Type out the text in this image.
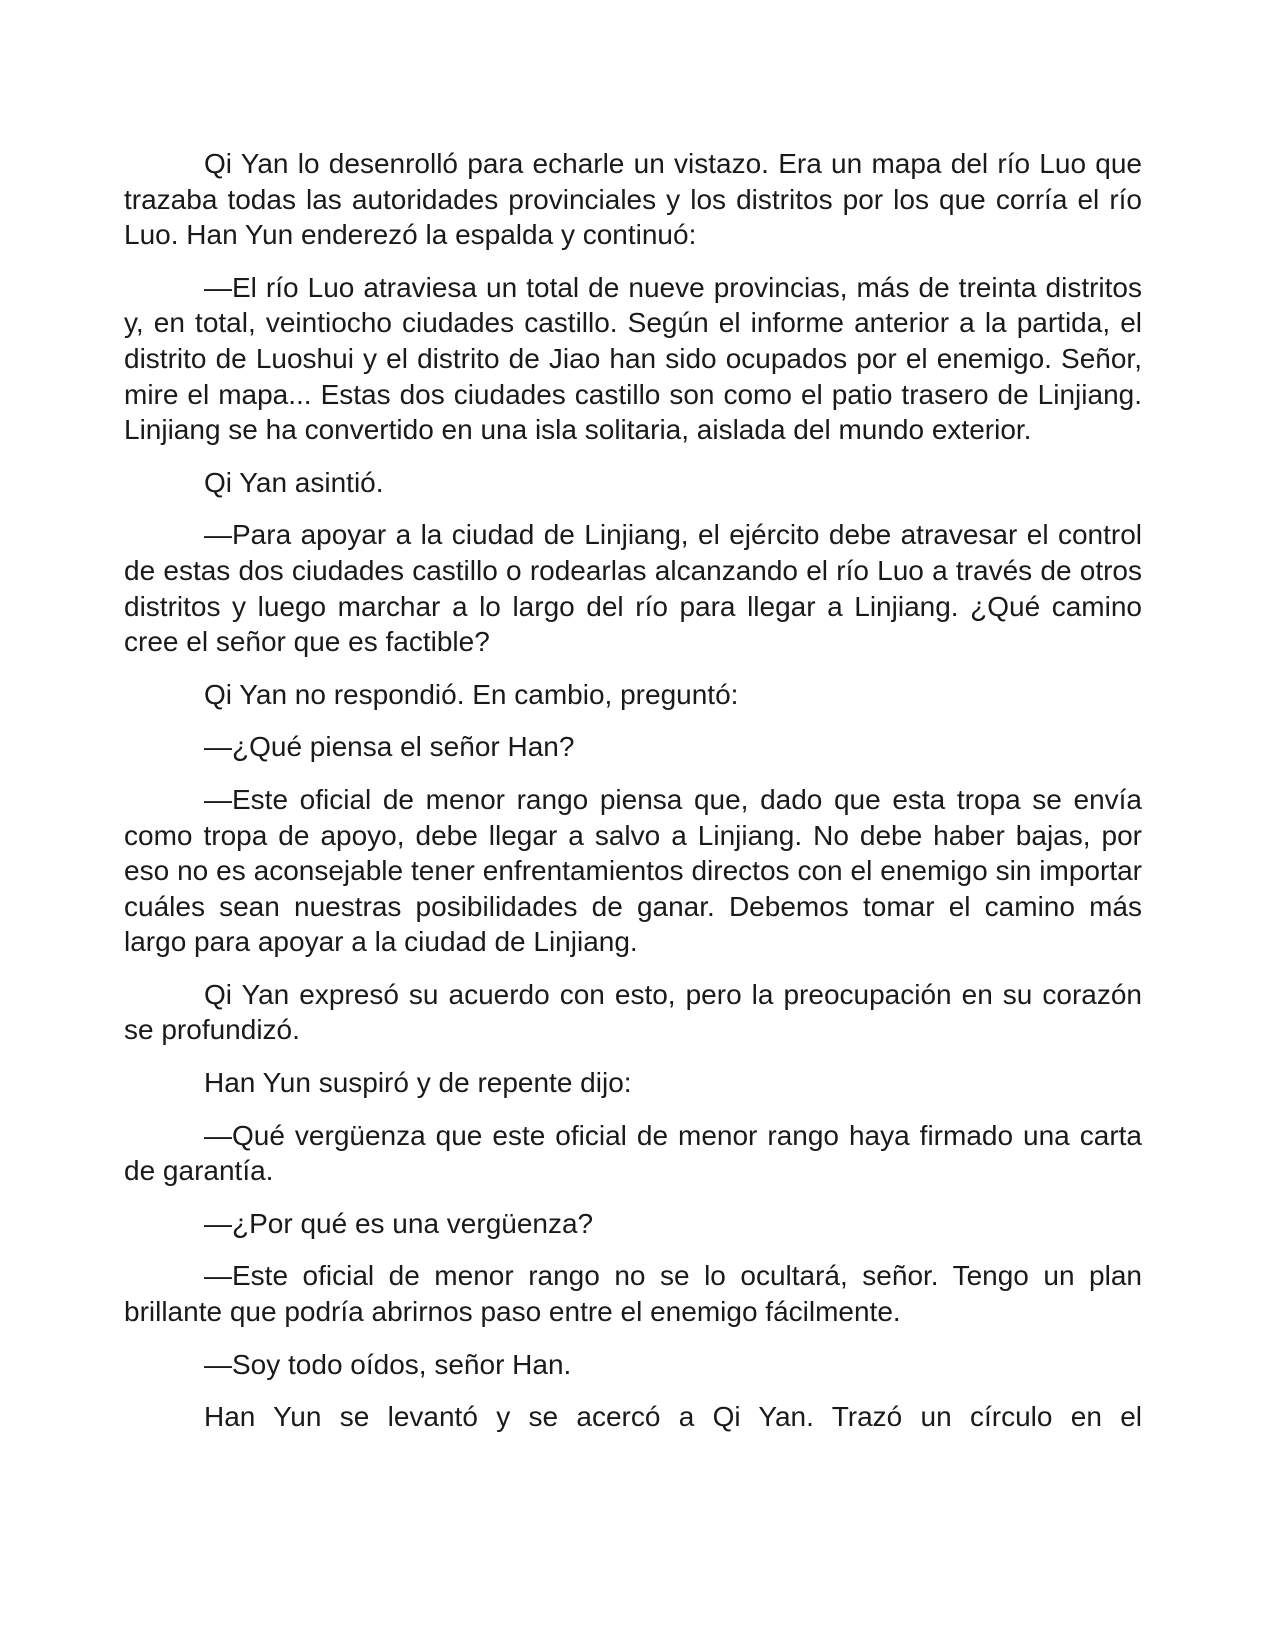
Qi Yan lo desenrolló para echarle un vistazo. Era un mapa del río Luo que trazaba todas las autoridades provinciales y los distritos por los que corría el río Luo. Han Yun enderezó la espalda y continuó:

—El río Luo atraviesa un total de nueve provincias, más de treinta distritos y, en total, veintiocho ciudades castillo. Según el informe anterior a la partida, el distrito de Luoshui y el distrito de Jiao han sido ocupados por el enemigo. Señor, mire el mapa... Estas dos ciudades castillo son como el patio trasero de Linjiang. Linjiang se ha convertido en una isla solitaria, aislada del mundo exterior.

Qi Yan asintió.

—Para apoyar a la ciudad de Linjiang, el ejército debe atravesar el control de estas dos ciudades castillo o rodearlas alcanzando el río Luo a través de otros distritos y luego marchar a lo largo del río para llegar a Linjiang. ¿Qué camino cree el señor que es factible?

Qi Yan no respondió. En cambio, preguntó:

—¿Qué piensa el señor Han?

—Este oficial de menor rango piensa que, dado que esta tropa se envía como tropa de apoyo, debe llegar a salvo a Linjiang. No debe haber bajas, por eso no es aconsejable tener enfrentamientos directos con el enemigo sin importar cuáles sean nuestras posibilidades de ganar. Debemos tomar el camino más largo para apoyar a la ciudad de Linjiang.

Qi Yan expresó su acuerdo con esto, pero la preocupación en su corazón se profundizó.

Han Yun suspiró y de repente dijo:

—Qué vergüenza que este oficial de menor rango haya firmado una carta de garantía.

—¿Por qué es una vergüenza?

—Este oficial de menor rango no se lo ocultará, señor. Tengo un plan brillante que podría abrirnos paso entre el enemigo fácilmente.

—Soy todo oídos, señor Han.

Han Yun se levantó y se acercó a Qi Yan. Trazó un círculo en el
